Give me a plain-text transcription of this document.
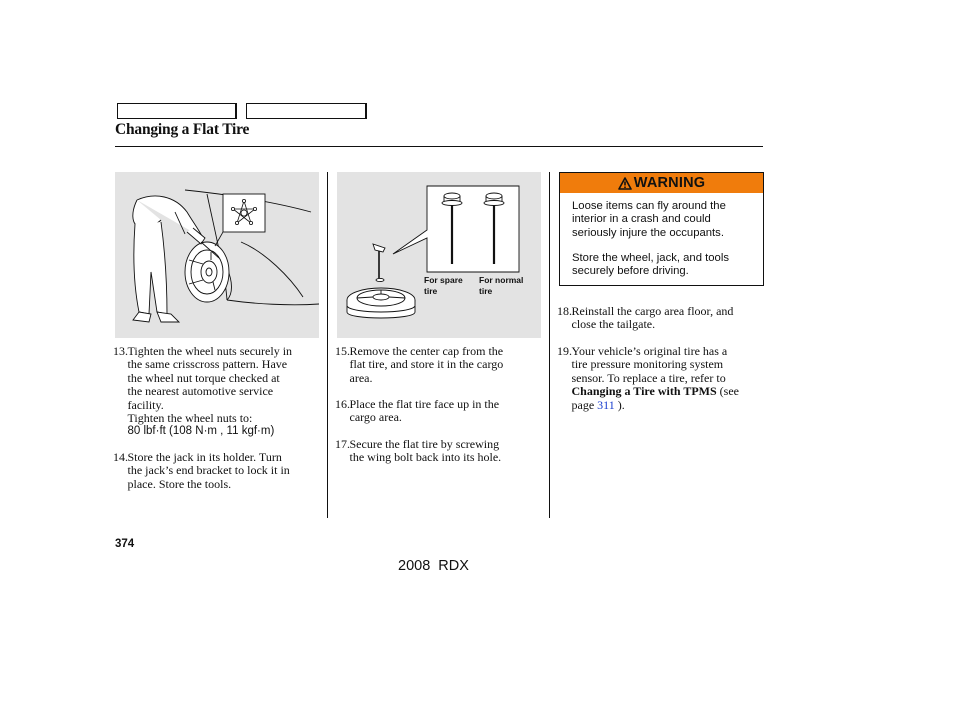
Changing a Flat Tire
For spare
tire
For normal
tire
13. Tighten the wheel nuts securely in
the same crisscross pattern. Have
the wheel nut torque checked at
the nearest automotive service
facility.
Tighten the wheel nuts to:
80 lbf·ft (108 N·m , 11 kgf·m)
14. Store the jack in its holder. Turn
the jack’s end bracket to lock it in
place. Store the tools.
15. Remove the center cap from the
flat tire, and store it in the cargo
area.
16. Place the flat tire face up in the
cargo area.
17. Secure the flat tire by screwing
the wing bolt back into its hole.
WARNING
Loose items can fly around the
interior in a crash and could
seriously injure the occupants.
Store the wheel, jack, and tools
securely before driving.
18. Reinstall the cargo area floor, and
close the tailgate.
19. Your vehicle’s original tire has a
tire pressure monitoring system
sensor. To replace a tire, refer to
Changing a Tire with TPMS (see
page 311 ).
374
2008 RDX
